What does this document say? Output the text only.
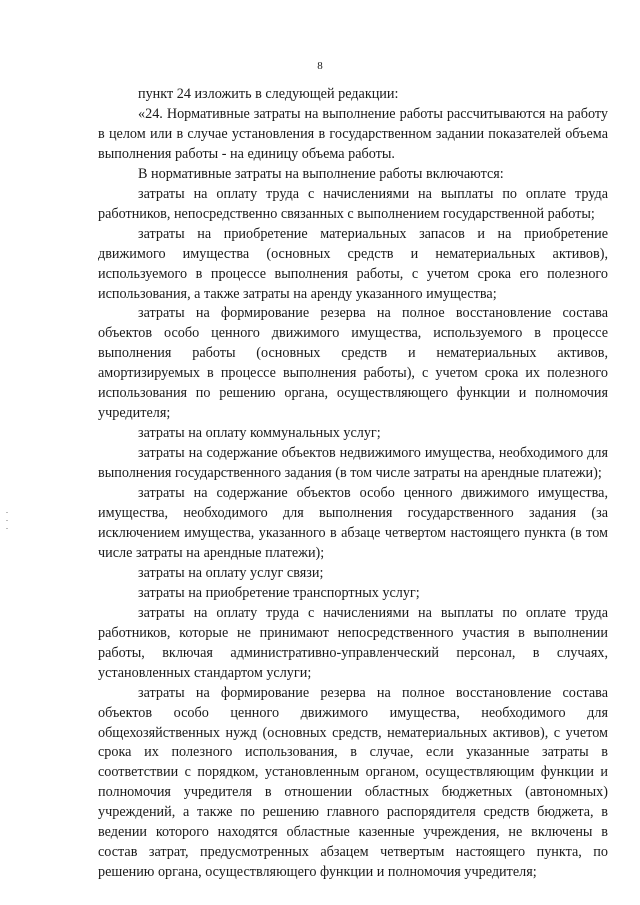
8

пункт 24 изложить в следующей редакции:

«24. Нормативные затраты на выполнение работы рассчитываются на работу в целом или в случае установления в государственном задании показателей объема выполнения работы - на единицу объема работы.

В нормативные затраты на выполнение работы включаются:

затраты на оплату труда с начислениями на выплаты по оплате труда работников, непосредственно связанных с выполнением государственной работы;

затраты на приобретение материальных запасов и на приобретение движимого имущества (основных средств и нематериальных активов), используемого в процессе выполнения работы, с учетом срока его полезного использования, а также затраты на аренду указанного имущества;

затраты на формирование резерва на полное восстановление состава объектов особо ценного движимого имущества, используемого в процессе выполнения работы (основных средств и нематериальных активов, амортизируемых в процессе выполнения работы), с учетом срока их полезного использования по решению органа, осуществляющего функции и полномочия учредителя;

затраты на оплату коммунальных услуг;

затраты на содержание объектов недвижимого имущества, необходимого для выполнения государственного задания (в том числе затраты на арендные платежи);

затраты на содержание объектов особо ценного движимого имущества, имущества, необходимого для выполнения государственного задания (за исключением имущества, указанного в абзаце четвертом настоящего пункта (в том числе затраты на арендные платежи);

затраты на оплату услуг связи;

затраты на приобретение транспортных услуг;

затраты на оплату труда с начислениями на выплаты по оплате труда работников, которые не принимают непосредственного участия в выполнении работы, включая административно-управленческий персонал, в случаях, установленных стандартом услуги;

затраты на формирование резерва на полное восстановление состава объектов особо ценного движимого имущества, необходимого для общехозяйственных нужд (основных средств, нематериальных активов), с учетом срока их полезного использования, в случае, если указанные затраты в соответствии с порядком, установленным органом, осуществляющим функции и полномочия учредителя в отношении областных бюджетных (автономных) учреждений, а также по решению главного распорядителя средств бюджета, в ведении которого находятся областные казенные учреждения, не включены в состав затрат, предусмотренных абзацем четвертым настоящего пункта, по решению органа, осуществляющего функции и полномочия учредителя;
